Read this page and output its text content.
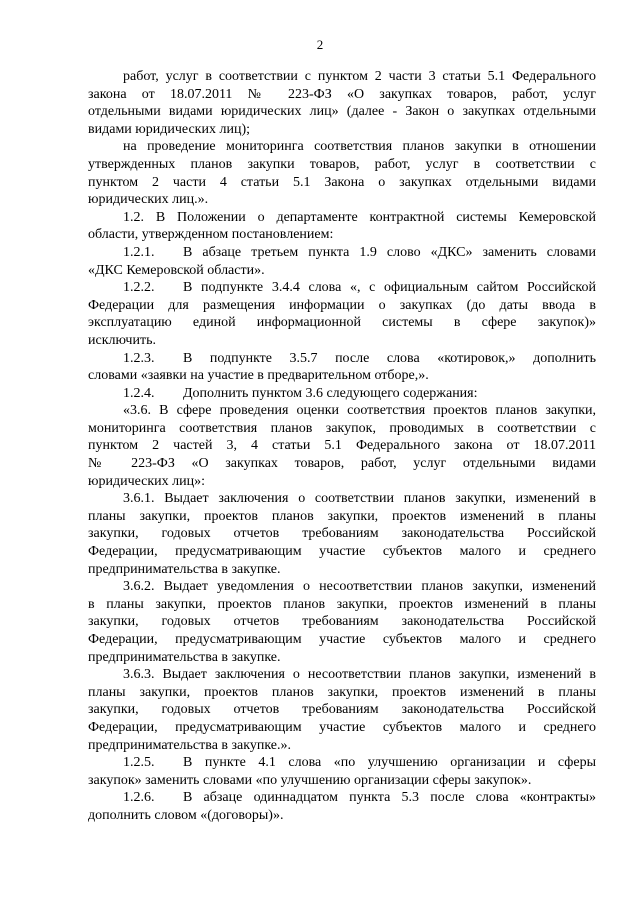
2
работ, услуг в соответствии с пунктом 2 части 3 статьи 5.1 Федерального
закона от 18.07.2011 № 223-ФЗ «О закупках товаров, работ, услуг
отдельными видами юридических лиц» (далее - Закон о закупках отдельными
видами юридических лиц);
на проведение мониторинга соответствия планов закупки в отношении
утвержденных планов закупки товаров, работ, услуг в соответствии с
пунктом 2 части 4 статьи 5.1 Закона о закупках отдельными видами
юридических лиц.».
1.2. В Положении о департаменте контрактной системы Кемеровской
области, утвержденном постановлением:
1.2.1.	В абзаце третьем пункта 1.9 слово «ДКС» заменить словами
«ДКС Кемеровской области».
1.2.2.	В подпункте 3.4.4 слова «, с официальным сайтом Российской
Федерации для размещения информации о закупках (до даты ввода в
эксплуатацию единой информационной системы в сфере закупок)»
исключить.
1.2.3.	В подпункте 3.5.7 после слова «котировок,» дополнить
словами «заявки на участие в предварительном отборе,».
1.2.4.	Дополнить пунктом 3.6 следующего содержания:
«3.6. В сфере проведения оценки соответствия проектов планов закупки,
мониторинга соответствия планов закупок, проводимых в соответствии с
пунктом 2 частей 3, 4 статьи 5.1 Федерального закона от 18.07.2011
№ 223-ФЗ «О закупках товаров, работ, услуг отдельными видами
юридических лиц»:
3.6.1. Выдает заключения о соответствии планов закупки, изменений в
планы закупки, проектов планов закупки, проектов изменений в планы
закупки, годовых отчетов требованиям законодательства Российской
Федерации, предусматривающим участие субъектов малого и среднего
предпринимательства в закупке.
3.6.2. Выдает уведомления о несоответствии планов закупки, изменений
в планы закупки, проектов планов закупки, проектов изменений в планы
закупки, годовых отчетов требованиям законодательства Российской
Федерации, предусматривающим участие субъектов малого и среднего
предпринимательства в закупке.
3.6.3. Выдает заключения о несоответствии планов закупки, изменений в
планы закупки, проектов планов закупки, проектов изменений в планы
закупки, годовых отчетов требованиям законодательства Российской
Федерации, предусматривающим участие субъектов малого и среднего
предпринимательства в закупке.».
1.2.5.	В пункте 4.1 слова «по улучшению организации и сферы
закупок» заменить словами «по улучшению организации сферы закупок».
1.2.6.	В абзаце одиннадцатом пункта 5.3 после слова «контракты»
дополнить словом «(договоры)».
